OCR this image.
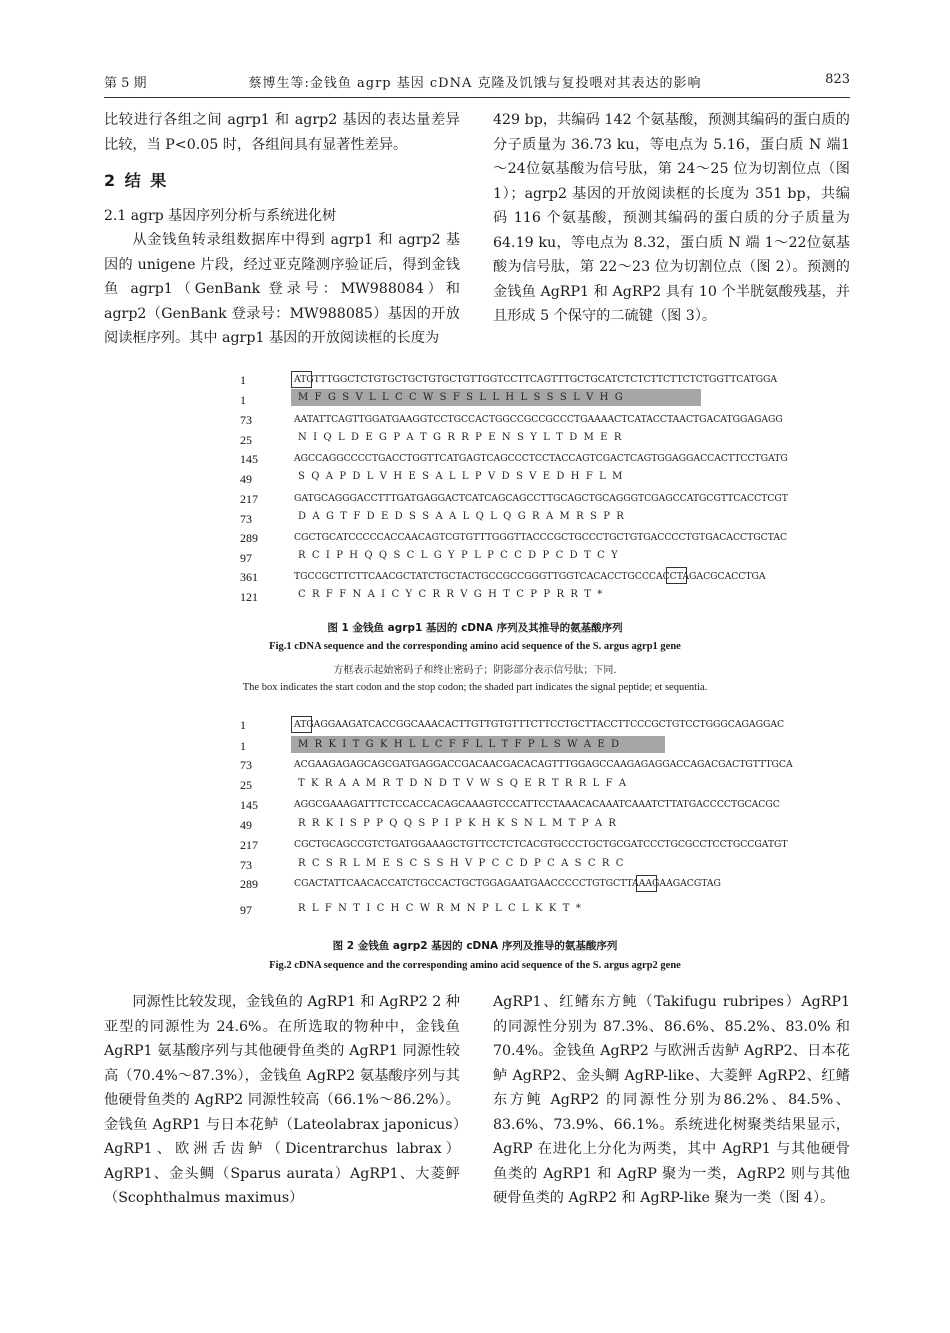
第 5 期	蔡博生等:金钱鱼 agrp 基因 cDNA 克隆及饥饿与复投喂对其表达的影响	823

比较进行各组之间 agrp1 和 agrp2 基因的表达量差异比较，当 P<0.05 时，各组间具有显著性差异。

2 结 果

2.1 agrp 基因序列分析与系统进化树

从金钱鱼转录组数据库中得到 agrp1 和 agrp2 基因的 unigene 片段，经过亚克隆测序验证后，得到金钱鱼 agrp1（GenBank 登录号：MW988084）和 agrp2（GenBank 登录号：MW988085）基因的开放阅读框序列。其中 agrp1 基因的开放阅读框的长度为

429 bp，共编码 142 个氨基酸，预测其编码的蛋白质的分子质量为 36.73 ku，等电点为 5.16，蛋白质 N 端1～24位氨基酸为信号肽，第 24～25 位为切割位点（图 1）；agrp2 基因的开放阅读框的长度为 351 bp，共编码 116 个氨基酸，预测其编码的蛋白质的分子质量为 64.19 ku，等电点为 8.32，蛋白质 N 端 1～22位氨基酸为信号肽，第 22～23 位为切割位点（图 2）。预测的金钱鱼 AgRP1 和 AgRP2 具有 10 个半胱氨酸残基，并且形成 5 个保守的二硫键（图 3）。

1	ATGTTTGGCTCTGTGCTGCTGTGCTGTTGGTCCTTCAGTTTGCTGCATCTCTCTTCTTCTCTGGTTCATGGA
1	M  F  G  S  V  L  L  C  C  W  S  F  S  L  L  H  L  S  S  S  L  V  H  G
73	AATATTCAGTTGGATGAAGGTCCTGCCACTGGCCGCCGCCCTGAAAACTCATACCTAACTGACATGGAGAGG
25	N  I  Q  L  D  E  G  P  A  T  G  R  R  P  E  N  S  Y  L  T  D  M  E  R
145	AGCCAGGCCCCTGACCTGGTTCATGAGTCAGCCCTCCTACCAGTCGACTCAGTGGAGGACCACTTCCTGATG
49	S  Q  A  P  D  L  V  H  E  S  A  L  L  P  V  D  S  V  E  D  H  F  L  M
217	GATGCAGGGACCTTTGATGAGGACTCATCAGCAGCCTTGCAGCTGCAGGGTCGAGCCATGCGTTCACCTCGT
73	D  A  G  T  F  D  E  D  S  S  A  A  L  Q  L  Q  G  R  A  M  R  S  P  R
289	CGCTGCATCCCCCACCAACAGTCGTGTTTGGGTTACCCGCTGCCCTGCTGTGACCCCTGTGACACCTGCTAC
97	R  C  I  P  H  Q  Q  S  C  L  G  Y  P  L  P  C  C  D  P  C  D  T  C  Y
361	TGCCGCTTCTTCAACGCTATCTGCTACTGCCGCCGGGTTGGTCACACCTGCCCACCTAGACGCACCTGA
121	C  R  F  F  N  A  I  C  Y  C  R  R  V  G  H  T  C  P  P  R  R  T  *
图 1 金钱鱼 agrp1 基因的 cDNA 序列及其推导的氨基酸序列
Fig.1 cDNA sequence and the corresponding amino acid sequence of the S. argus agrp1 gene
方框表示起始密码子和终止密码子；阴影部分表示信号肽；下同.
The box indicates the start codon and the stop codon; the shaded part indicates the signal peptide; et sequentia.
1	ATGAGGAAGATCACCGGCAAACACTTGTTGTGTTTCTTCCTGCTTACCTTCCCGCTGTCCTGGGCAGAGGAC
1	M  R  K  I  T  G  K  H  L  L  C  F  F  L  L  T  F  P  L  S  W  A  E  D
73	ACGAAGAGAGCAGCGATGAGGACCGACAACGACACAGTTTGGAGCCAAGAGAGGACCAGACGACTGTTTGCA
25	T  K  R  A  A  M  R  T  D  N  D  T  V  W  S  Q  E  R  T  R  R  L  F  A
145	AGGCGAAAGATTTCTCCACCACAGCAAAGTCCCATTCCTAAACACAAATCAAATCTTATGACCCCTGCACGC
49	R  R  K  I  S  P  P  Q  Q  S  P  I  P  K  H  K  S  N  L  M  T  P  A  R
217	CGCTGCAGCCGTCTGATGGAAAGCTGTTCCTCTCACGTGCCCTGCTGCGATCCCTGCGCCTCCTGCCGATGT
73	R  C  S  R  L  M  E  S  C  S  S  H  V  P  C  C  D  P  C  A  S  C  R  C
289	CGACTATTCAACACCATCTGCCACTGCTGGAGAATGAACCCCCTGTGCTTAAAGAAGACGTAG
97	R  L  F  N  T  I  C  H  C  W  R  M  N  P  L  C  L  K  K  T  *
图 2 金钱鱼 agrp2 基因的 cDNA 序列及推导的氨基酸序列
Fig.2 cDNA sequence and the corresponding amino acid sequence of the S. argus agrp2 gene

同源性比较发现，金钱鱼的 AgRP1 和 AgRP2 2 种亚型的同源性为 24.6%。在所选取的物种中，金钱鱼 AgRP1 氨基酸序列与其他硬骨鱼类的 AgRP1 同源性较高（70.4%～87.3%），金钱鱼 AgRP2 氨基酸序列与其他硬骨鱼类的 AgRP2 同源性较高（66.1%～86.2%）。金钱鱼 AgRP1 与日本花鲈（Lateolabrax japonicus）AgRP1、欧洲舌齿鲈（Dicentrarchus labrax）AgRP1、金头鲷（Sparus aurata）AgRP1、大菱鲆（Scophthalmus maximus）

AgRP1、红鳍东方鲀（Takifugu rubripes）AgRP1 的同源性分别为 87.3%、86.6%、85.2%、83.0% 和 70.4%。金钱鱼 AgRP2 与欧洲舌齿鲈 AgRP2、日本花鲈 AgRP2、金头鲷 AgRP-like、大菱鲆 AgRP2、红鳍东方鲀 AgRP2 的同源性分别为86.2%、84.5%、83.6%、73.9%、66.1%。系统进化树聚类结果显示，AgRP 在进化上分化为两类，其中 AgRP1 与其他硬骨鱼类的 AgRP1 和 AgRP 聚为一类，AgRP2 则与其他硬骨鱼类的 AgRP2 和 AgRP-like 聚为一类（图 4）。
